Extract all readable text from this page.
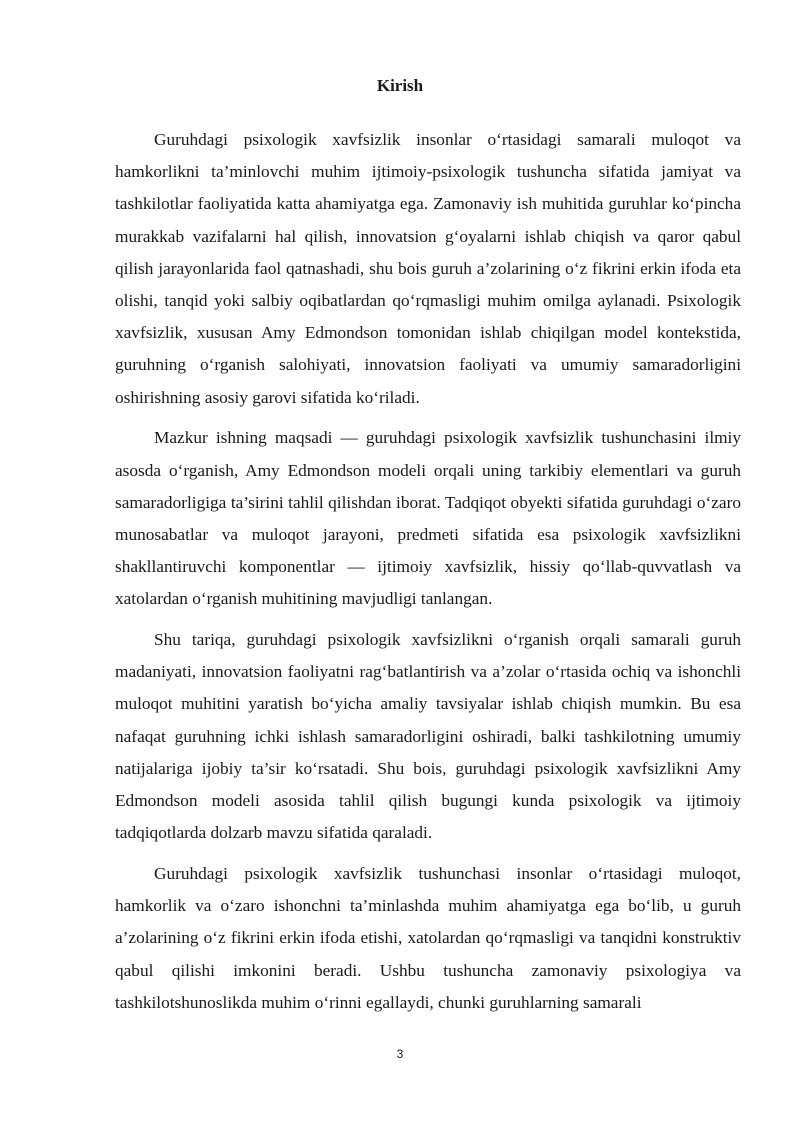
Kirish

Guruhdagi psixologik xavfsizlik insonlar o‘rtasidagi samarali muloqot va hamkorlikni ta’minlovchi muhim ijtimoiy-psixologik tushuncha sifatida jamiyat va tashkilotlar faoliyatida katta ahamiyatga ega. Zamonaviy ish muhitida guruhlar ko‘pincha murakkab vazifalarni hal qilish, innovatsion g‘oyalarni ishlab chiqish va qaror qabul qilish jarayonlarida faol qatnashadi, shu bois guruh a’zolarining o‘z fikrini erkin ifoda eta olishi, tanqid yoki salbiy oqibatlardan qo‘rqmasligi muhim omilga aylanadi. Psixologik xavfsizlik, xususan Amy Edmondson tomonidan ishlab chiqilgan model kontekstida, guruhning o‘rganish salohiyati, innovatsion faoliyati va umumiy samaradorligini oshirishning asosiy garovi sifatida ko‘riladi.

Mazkur ishning maqsadi — guruhdagi psixologik xavfsizlik tushunchasini ilmiy asosda o‘rganish, Amy Edmondson modeli orqali uning tarkibiy elementlari va guruh samaradorligiga ta’sirini tahlil qilishdan iborat. Tadqiqot obyekti sifatida guruhdagi o‘zaro munosabatlar va muloqot jarayoni, predmeti sifatida esa psixologik xavfsizlikni shakllantiruvchi komponentlar — ijtimoiy xavfsizlik, hissiy qo‘llab-quvvatlash va xatolardan o‘rganish muhitining mavjudligi tanlangan.

Shu tariqa, guruhdagi psixologik xavfsizlikni o‘rganish orqali samarali guruh madaniyati, innovatsion faoliyatni rag‘batlantirish va a’zolar o‘rtasida ochiq va ishonchli muloqot muhitini yaratish bo‘yicha amaliy tavsiyalar ishlab chiqish mumkin. Bu esa nafaqat guruhning ichki ishlash samaradorligini oshiradi, balki tashkilotning umumiy natijalariga ijobiy ta’sir ko‘rsatadi. Shu bois, guruhdagi psixologik xavfsizlikni Amy Edmondson modeli asosida tahlil qilish bugungi kunda psixologik va ijtimoiy tadqiqotlarda dolzarb mavzu sifatida qaraladi.

Guruhdagi psixologik xavfsizlik tushunchasi insonlar o‘rtasidagi muloqot, hamkorlik va o‘zaro ishonchni ta’minlashda muhim ahamiyatga ega bo‘lib, u guruh a’zolarining o‘z fikrini erkin ifoda etishi, xatolardan qo‘rqmasligi va tanqidni konstruktiv qabul qilishi imkonini beradi. Ushbu tushuncha zamonaviy psixologiya va tashkilotshunoslikda muhim o‘rinni egallaydi, chunki guruhlarning samarali

3
